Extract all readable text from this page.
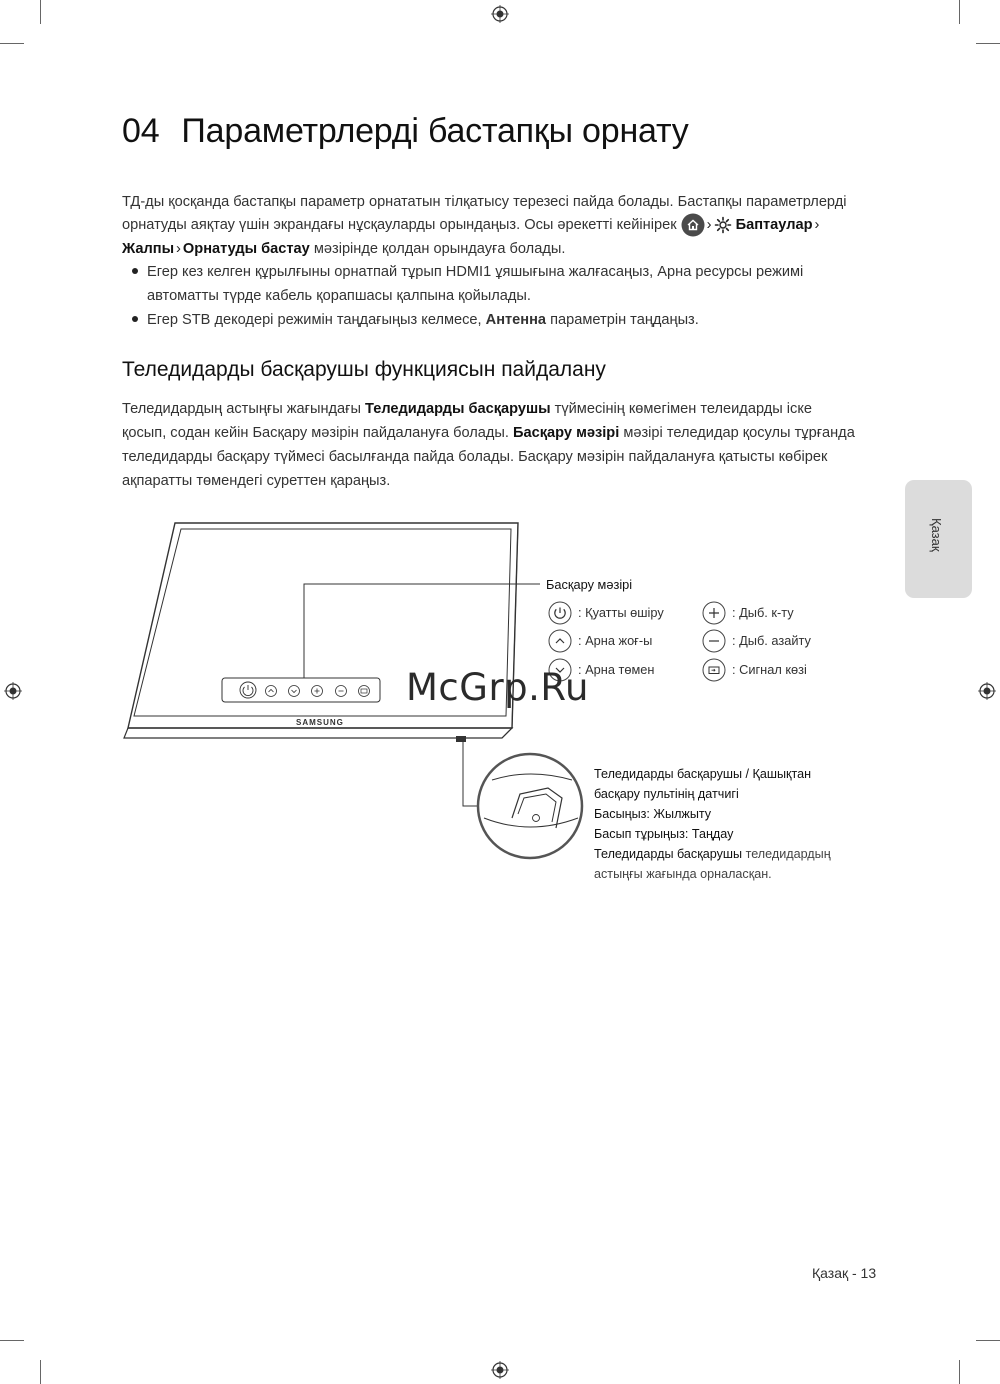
04 Параметрлерді бастапқы орнату

ТД-ды қосқанда бастапқы параметр орнататын тілқатысу терезесі пайда болады. Бастапқы параметрлерді

орнатуды аяқтау үшін экрандағы нұсқауларды орындаңыз. Осы әрекетті кейінірек › Баптаулар ›

Жалпы › Орнатуды бастау мәзірінде қолдан орындауға болады.

Егер кез келген құрылғыны орнатпай тұрып HDMI1 ұяшығына жалғасаңыз, Арна ресурсы режимі

автоматты түрде кабель қорапшасы қалпына қойылады.

Егер STB декодері режимін таңдағыңыз келмесе, Антенна параметрін таңдаңыз.

Теледидарды басқарушы функциясын пайдалану

Теледидардың астыңғы жағындағы Теледидарды басқарушы түймесінің көмегімен телеидарды іске

қосып, содан кейін Басқару мәзірін пайдалануға болады. Басқару мәзірі мәзірі теледидар қосулы тұрғанда

теледидарды басқару түймесі басылғанда пайда болады. Басқару мәзірін пайдалануға қатысты көбірек

ақпаратты төмендегі суреттен қараңыз.

Қазақ
SAMSUNG
Басқару мәзірі
: Қуатты өшіру
: Арна жоғ-ы
: Арна төмен
: Дыб. к-ту
: Дыб. азайту
: Сигнал көзі
Теледидарды басқарушы / Қашықтан
басқару пультінің датчигі
Басыңыз: Жылжыту
Басып тұрыңыз: Таңдау
Теледидарды басқарушы теледидардың
астыңғы жағында орналасқан.
McGrp.Ru
Қазақ - 13
